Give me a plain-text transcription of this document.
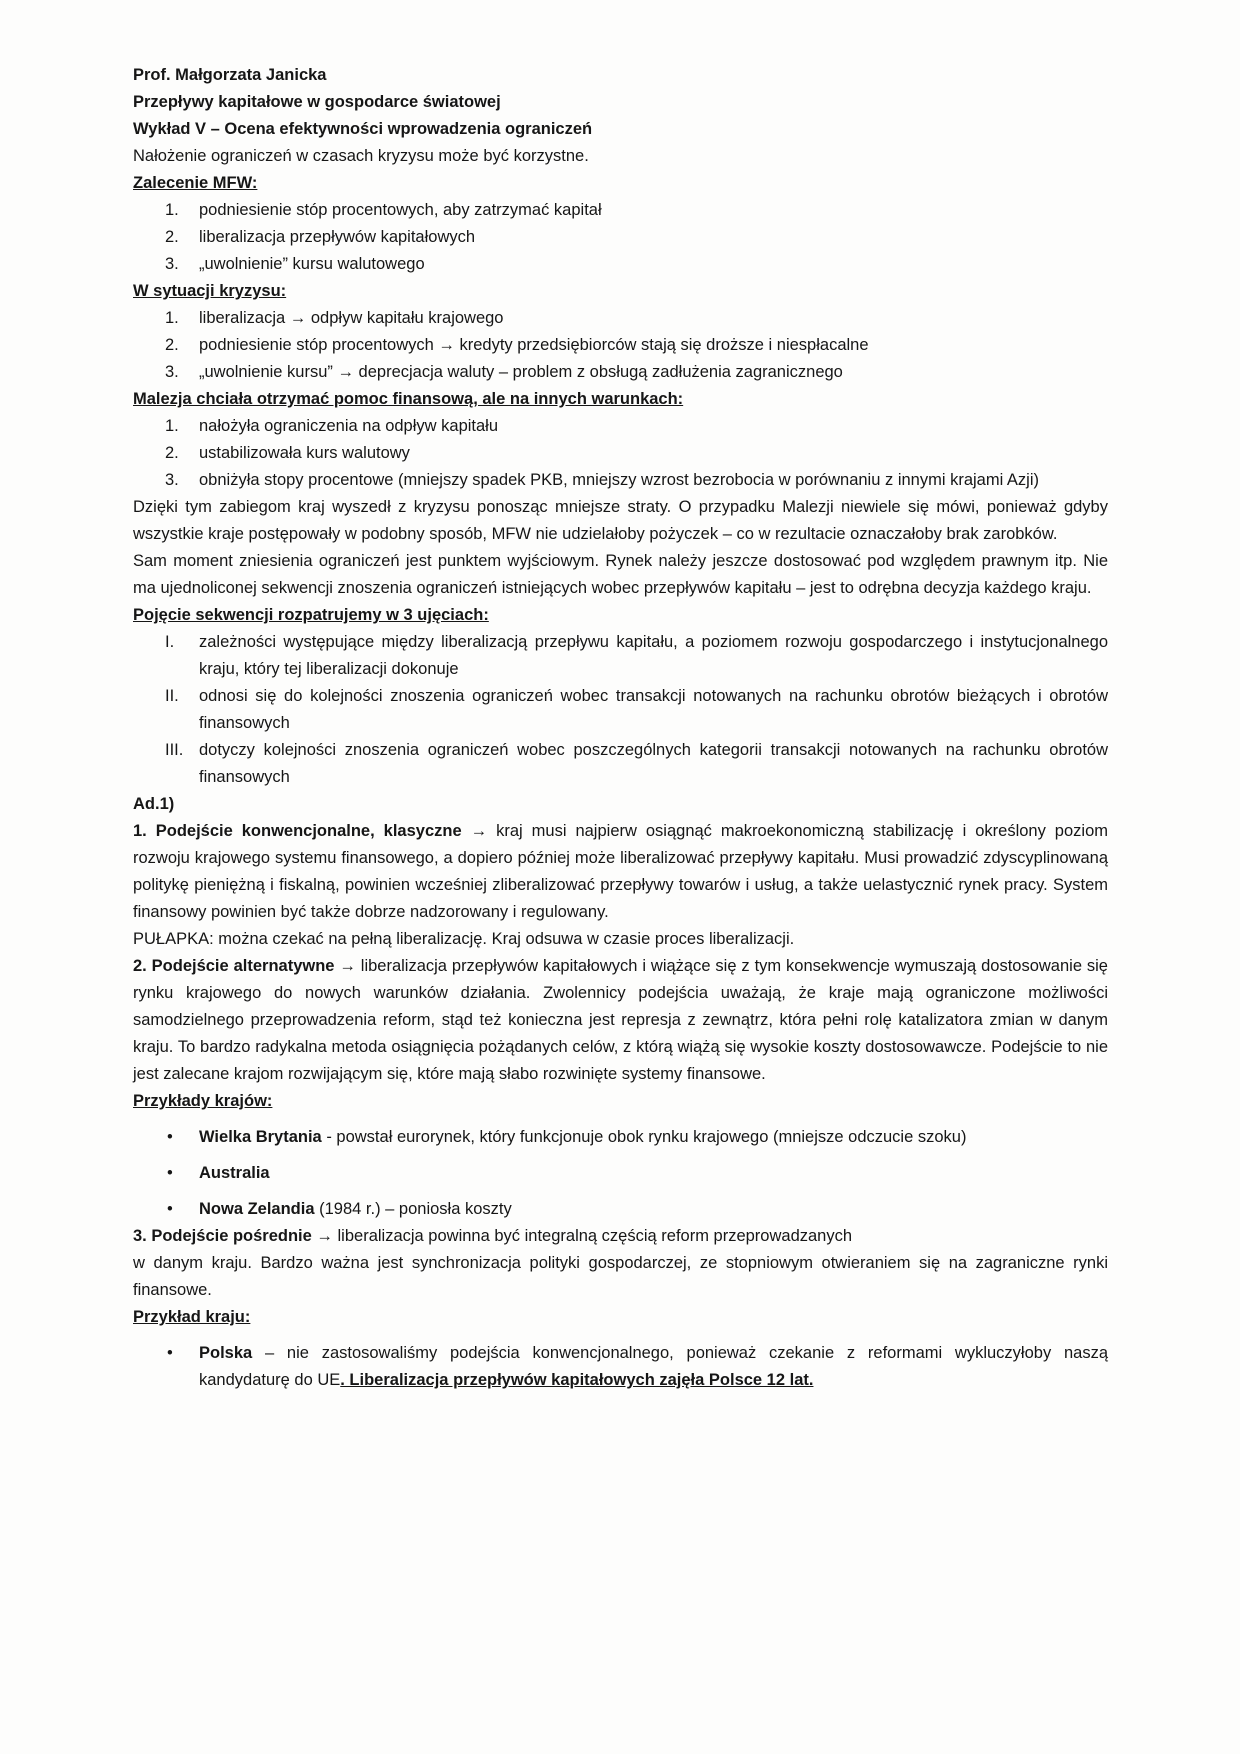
Prof. Małgorzata Janicka

Przepływy kapitałowe w gospodarce światowej

Wykład V – Ocena efektywności wprowadzenia ograniczeń

Nałożenie ograniczeń w czasach kryzysu może być korzystne.

Zalecenie MFW:

1. podniesienie stóp procentowych, aby zatrzymać kapitał
2. liberalizacja przepływów kapitałowych
3. „uwolnienie” kursu walutowego

W sytuacji kryzysu:

1. liberalizacja → odpływ kapitału krajowego
2. podniesienie stóp procentowych → kredyty przedsiębiorców stają się droższe i niespłacalne
3. „uwolnienie kursu” → deprecjacja waluty – problem z obsługą zadłużenia zagranicznego

Malezja chciała otrzymać pomoc finansową, ale na innych warunkach:

1. nałożyła ograniczenia na odpływ kapitału
2. ustabilizowała kurs walutowy
3. obniżyła stopy procentowe (mniejszy spadek PKB, mniejszy wzrost bezrobocia w porównaniu z innymi krajami Azji)

Dzięki tym zabiegom kraj wyszedł z kryzysu ponosząc mniejsze straty. O przypadku Malezji niewiele się mówi, ponieważ gdyby wszystkie kraje postępowały w podobny sposób, MFW nie udzielałoby pożyczek – co w rezultacie oznaczałoby brak zarobków.

Sam moment zniesienia ograniczeń jest punktem wyjściowym. Rynek należy jeszcze dostosować pod względem prawnym itp. Nie ma ujednoliconej sekwencji znoszenia ograniczeń istniejących wobec przepływów kapitału – jest to odrębna decyzja każdego kraju.

Pojęcie sekwencji rozpatrujemy w 3 ujęciach:

I. zależności występujące między liberalizacją przepływu kapitału, a poziomem rozwoju gospodarczego i instytucjonalnego kraju, który tej liberalizacji dokonuje
II. odnosi się do kolejności znoszenia ograniczeń wobec transakcji notowanych na rachunku obrotów bieżących i obrotów finansowych
III. dotyczy kolejności znoszenia ograniczeń wobec poszczególnych kategorii transakcji notowanych na rachunku obrotów finansowych

Ad.1)

1. Podejście konwencjonalne, klasyczne → kraj musi najpierw osiągnąć makroekonomiczną stabilizację i określony poziom rozwoju krajowego systemu finansowego, a dopiero później może liberalizować przepływy kapitału. Musi prowadzić zdyscyplinowaną politykę pieniężną i fiskalną, powinien wcześniej zliberalizować przepływy towarów i usług, a także uelastycznić rynek pracy. System finansowy powinien być także dobrze nadzorowany i regulowany.

PUŁAPKA: można czekać na pełną liberalizację. Kraj odsuwa w czasie proces liberalizacji.

2. Podejście alternatywne → liberalizacja przepływów kapitałowych i wiążące się z tym konsekwencje wymuszają dostosowanie się rynku krajowego do nowych warunków działania. Zwolennicy podejścia uważają, że kraje mają ograniczone możliwości samodzielnego przeprowadzenia reform, stąd też konieczna jest represja z zewnątrz, która pełni rolę katalizatora zmian w danym kraju. To bardzo radykalna metoda osiągnięcia pożądanych celów, z którą wiążą się wysokie koszty dostosowawcze. Podejście to nie jest zalecane krajom rozwijającym się, które mają słabo rozwinięte systemy finansowe.

Przykłady krajów:

• Wielka Brytania - powstał eurorynek, który funkcjonuje obok rynku krajowego (mniejsze odczucie szoku)
• Australia
• Nowa Zelandia (1984 r.) – poniosła koszty

3. Podejście pośrednie → liberalizacja powinna być integralną częścią reform przeprowadzanych

w danym kraju. Bardzo ważna jest synchronizacja polityki gospodarczej, ze stopniowym otwieraniem się na zagraniczne rynki finansowe.

Przykład kraju:

• Polska – nie zastosowaliśmy podejścia konwencjonalnego, ponieważ czekanie z reformami wykluczyłoby naszą kandydaturę do UE. Liberalizacja przepływów kapitałowych zajęła Polsce 12 lat.
